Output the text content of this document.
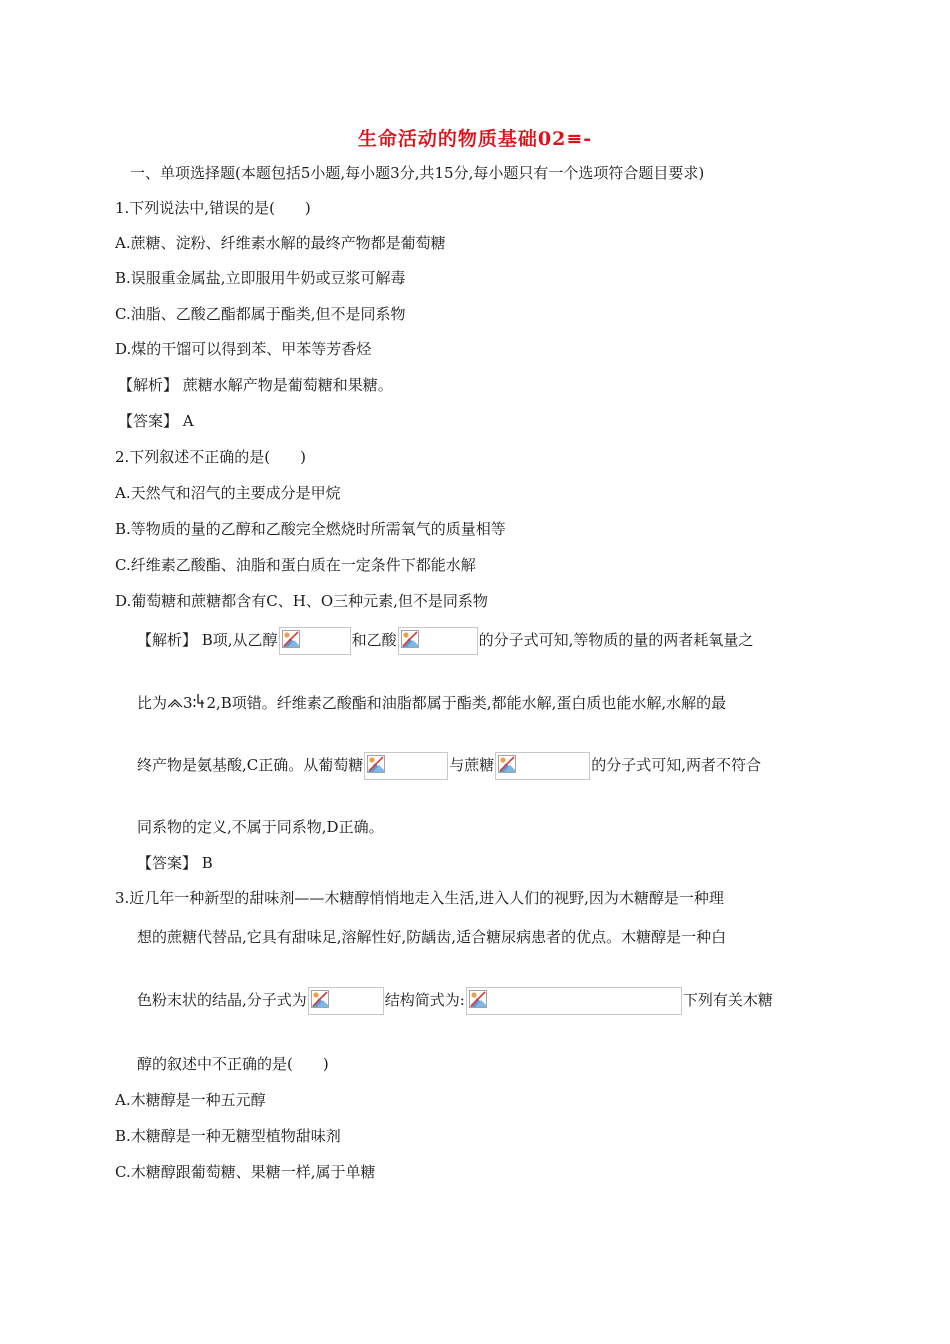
生命活动的物质基础02≡-
一、单项选择题(本题包括5小题,每小题3分,共15分,每小题只有一个选项符合题目要求)
1.下列说法中,错误的是(　　)
A.蔗糖、淀粉、纤维素水解的最终产物都是葡萄糖
B.误服重金属盐,立即服用牛奶或豆浆可解毒
C.油脂、乙酸乙酯都属于酯类,但不是同系物
D.煤的干馏可以得到苯、甲苯等芳香烃
【解析】 蔗糖水解产物是葡萄糖和果糖。
【答案】 A
2.下列叙述不正确的是(　　)
A.天然气和沼气的主要成分是甲烷
B.等物质的量的乙醇和乙酸完全燃烧时所需氧气的质量相等
C.纤维素乙酸酯、油脂和蛋白质在一定条件下都能水解
D.葡萄糖和蔗糖都含有C、H、O三种元素,但不是同系物
【解析】 B项,从乙醇	和乙酸	的分子式可知,等物质的量的两者耗氧量之
比为 3∶ 2,B项错。纤维素乙酸酯和油脂都属于酯类,都能水解,蛋白质也能水解,水解的最
终产物是氨基酸,C正确。从葡萄糖	与蔗糖	的分子式可知,两者不符合
同系物的定义,不属于同系物,D正确。
【答案】 B
3.近几年一种新型的甜味剂——木糖醇悄悄地走入生活,进入人们的视野,因为木糖醇是一种理
想的蔗糖代替品,它具有甜味足,溶解性好,防龋齿,适合糖尿病患者的优点。木糖醇是一种白
色粉末状的结晶,分子式为	结构简式为:	下列有关木糖
醇的叙述中不正确的是(　　)
A.木糖醇是一种五元醇
B.木糖醇是一种无糖型植物甜味剂
C.木糖醇跟葡萄糖、果糖一样,属于单糖
